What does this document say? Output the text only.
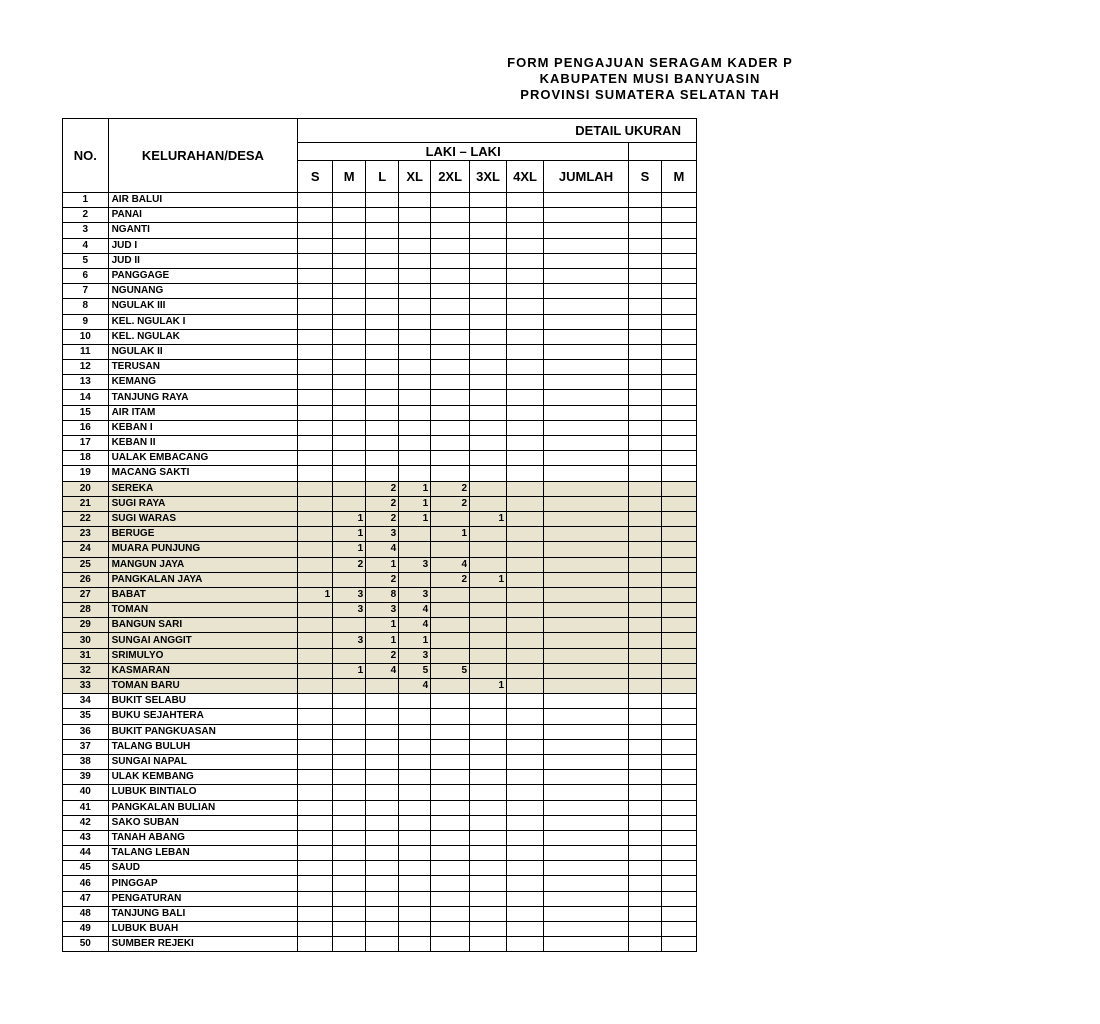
FORM PENGAJUAN SERAGAM KADER P
KABUPATEN MUSI BANYUASIN
PROVINSI SUMATERA SELATAN TAH
NO.	KELURAHAN/DESA	DETAIL UKURAN									
		LAKI – LAKI									
		S	M	L	XL	2XL	3XL	4XL	JUMLAH	S	M
1	AIR BALUI										
2	PANAI										
3	NGANTI										
4	JUD I										
5	JUD II										
6	PANGGAGE										
7	NGUNANG										
8	NGULAK III										
9	KEL. NGULAK I										
10	KEL. NGULAK										
11	NGULAK II										
12	TERUSAN										
13	KEMANG										
14	TANJUNG RAYA										
15	AIR ITAM										
16	KEBAN I										
17	KEBAN II										
18	UALAK EMBACANG										
19	MACANG SAKTI										
20	SEREKA			2	1	2					
21	SUGI RAYA			2	1	2					
22	SUGI WARAS		1	2	1		1				
23	BERUGE		1	3		1					
24	MUARA PUNJUNG		1	4							
25	MANGUN JAYA		2	1	3	4					
26	PANGKALAN JAYA			2		2	1				
27	BABAT	1	3	8	3						
28	TOMAN		3	3	4						
29	BANGUN SARI			1	4						
30	SUNGAI ANGGIT		3	1	1						
31	SRIMULYO			2	3						
32	KASMARAN		1	4	5	5					
33	TOMAN BARU				4		1				
34	BUKIT SELABU										
35	BUKU SEJAHTERA										
36	BUKIT PANGKUASAN										
37	TALANG BULUH										
38	SUNGAI NAPAL										
39	ULAK KEMBANG										
40	LUBUK BINTIALO										
41	PANGKALAN BULIAN										
42	SAKO SUBAN										
43	TANAH ABANG										
44	TALANG LEBAN										
45	SAUD										
46	PINGGAP										
47	PENGATURAN										
48	TANJUNG BALI										
49	LUBUK BUAH										
50	SUMBER REJEKI										
